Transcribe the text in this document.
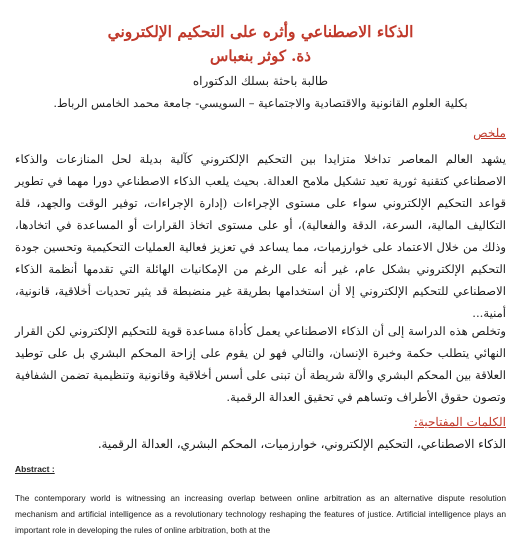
الذكاء الاصطناعي وأثره على التحكيم الإلكتروني
ذة. كوثر بنعباس
طالبة باحثة بسلك الدكتوراه
بكلية العلوم القانونية والاقتصادية والاجتماعية – السويسي- جامعة محمد الخامس الرباط.
ملخص
يشهد العالم المعاصر تداخلا متزايدا بين التحكيم الإلكتروني كآلية بديلة لحل المنازعات والذكاء الاصطناعي كتقنية ثورية تعيد تشكيل ملامح العدالة. بحيث يلعب الذكاء الاصطناعي دورا مهما في تطوير قواعد التحكيم الإلكتروني سواء على مستوى الإجراءات (إدارة الإجراءات، توفير الوقت والجهد، قلة التكاليف المالية، السرعة، الدقة والفعالية)، أو على مستوى اتخاذ القرارات أو المساعدة في اتخادها، وذلك من خلال الاعتماد على خوارزميات، مما يساعد في تعزيز فعالية العمليات التحكيمية وتحسين جودة التحكيم الإلكتروني بشكل عام، غير أنه على الرغم من الإمكانيات الهائلة التي تقدمها أنظمة الذكاء الاصطناعي للتحكيم الإلكتروني إلا أن استخدامها بطريقة غير منضبطة قد يثير تحديات أخلاقية، قانونية، أمنية...
وتخلص هذه الدراسة إلى أن الذكاء الاصطناعي يعمل كأداة مساعدة قوية للتحكيم الإلكتروني لكن القرار النهائي يتطلب حكمة وخبرة الإنسان، والتالي فهو لن يقوم على إزاحة المحكم البشري بل على توطيد العلاقة بين المحكم البشري والآلة شريطة أن تبنى على أسس أخلاقية وقانونية وتنظيمية تضمن الشفافية وتصون حقوق الأطراف وتساهم في تحقيق العدالة الرقمية.
الكلمات المفتاحية:
الذكاء الاصطناعي، التحكيم الإلكتروني، خوارزميات، المحكم البشري، العدالة الرقمية.
Abstract :
The contemporary world is witnessing an increasing overlap between online arbitration as an alternative dispute resolution mechanism and artificial intelligence as a revolutionary technology reshaping the features of justice. Artificial intelligence plays an important role in developing the rules of online arbitration, both at the
